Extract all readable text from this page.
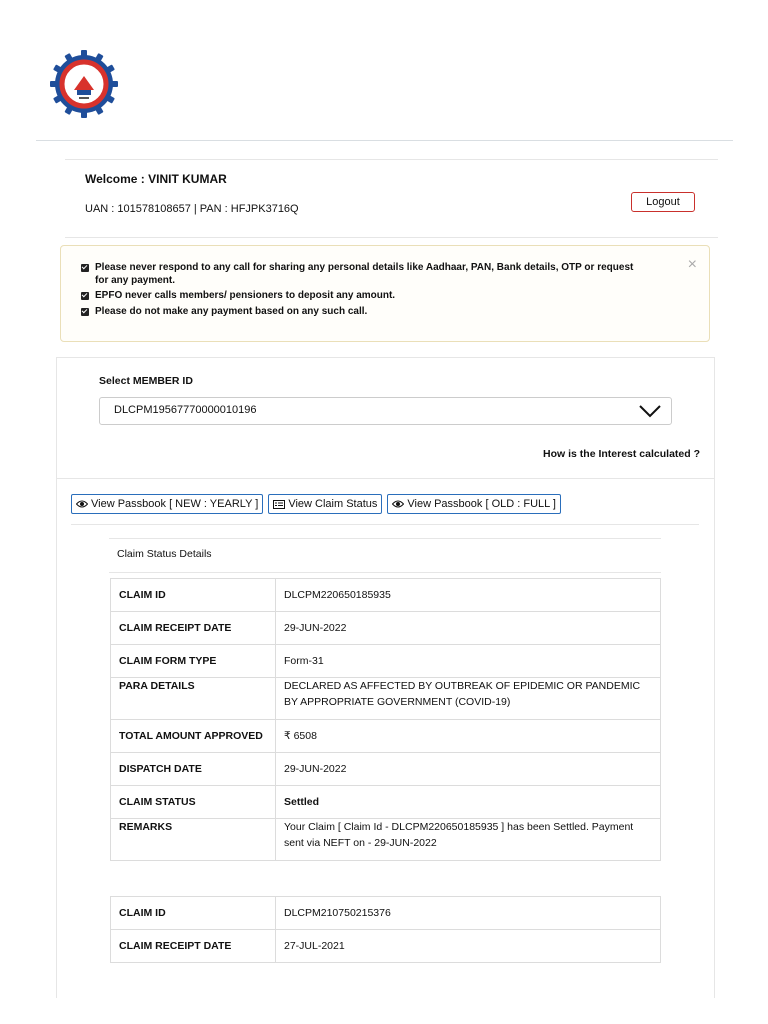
Welcome : VINIT KUMAR
UAN : 101578108657 | PAN : HFJPK3716Q
Logout
Please never respond to any call for sharing any personal details like Aadhaar, PAN, Bank details, OTP or request for any payment.
EPFO never calls members/ pensioners to deposit any amount.
Please do not make any payment based on any such call.
×
Select MEMBER ID
DLCPM19567770000010196
How is the Interest calculated ?
View Passbook [ NEW : YEARLY ]	View Claim Status	View Passbook [ OLD : FULL ]
Claim Status Details
CLAIM ID	DLCPM220650185935
CLAIM RECEIPT DATE	29-JUN-2022
CLAIM FORM TYPE	Form-31
PARA DETAILS	DECLARED AS AFFECTED BY OUTBREAK OF EPIDEMIC OR PANDEMIC BY APPROPRIATE GOVERNMENT (COVID-19)
TOTAL AMOUNT APPROVED	₹ 6508
DISPATCH DATE	29-JUN-2022
CLAIM STATUS	Settled
REMARKS	Your Claim [ Claim Id - DLCPM220650185935 ] has been Settled. Payment sent via NEFT on - 29-JUN-2022
CLAIM ID	DLCPM210750215376
CLAIM RECEIPT DATE	27-JUL-2021
